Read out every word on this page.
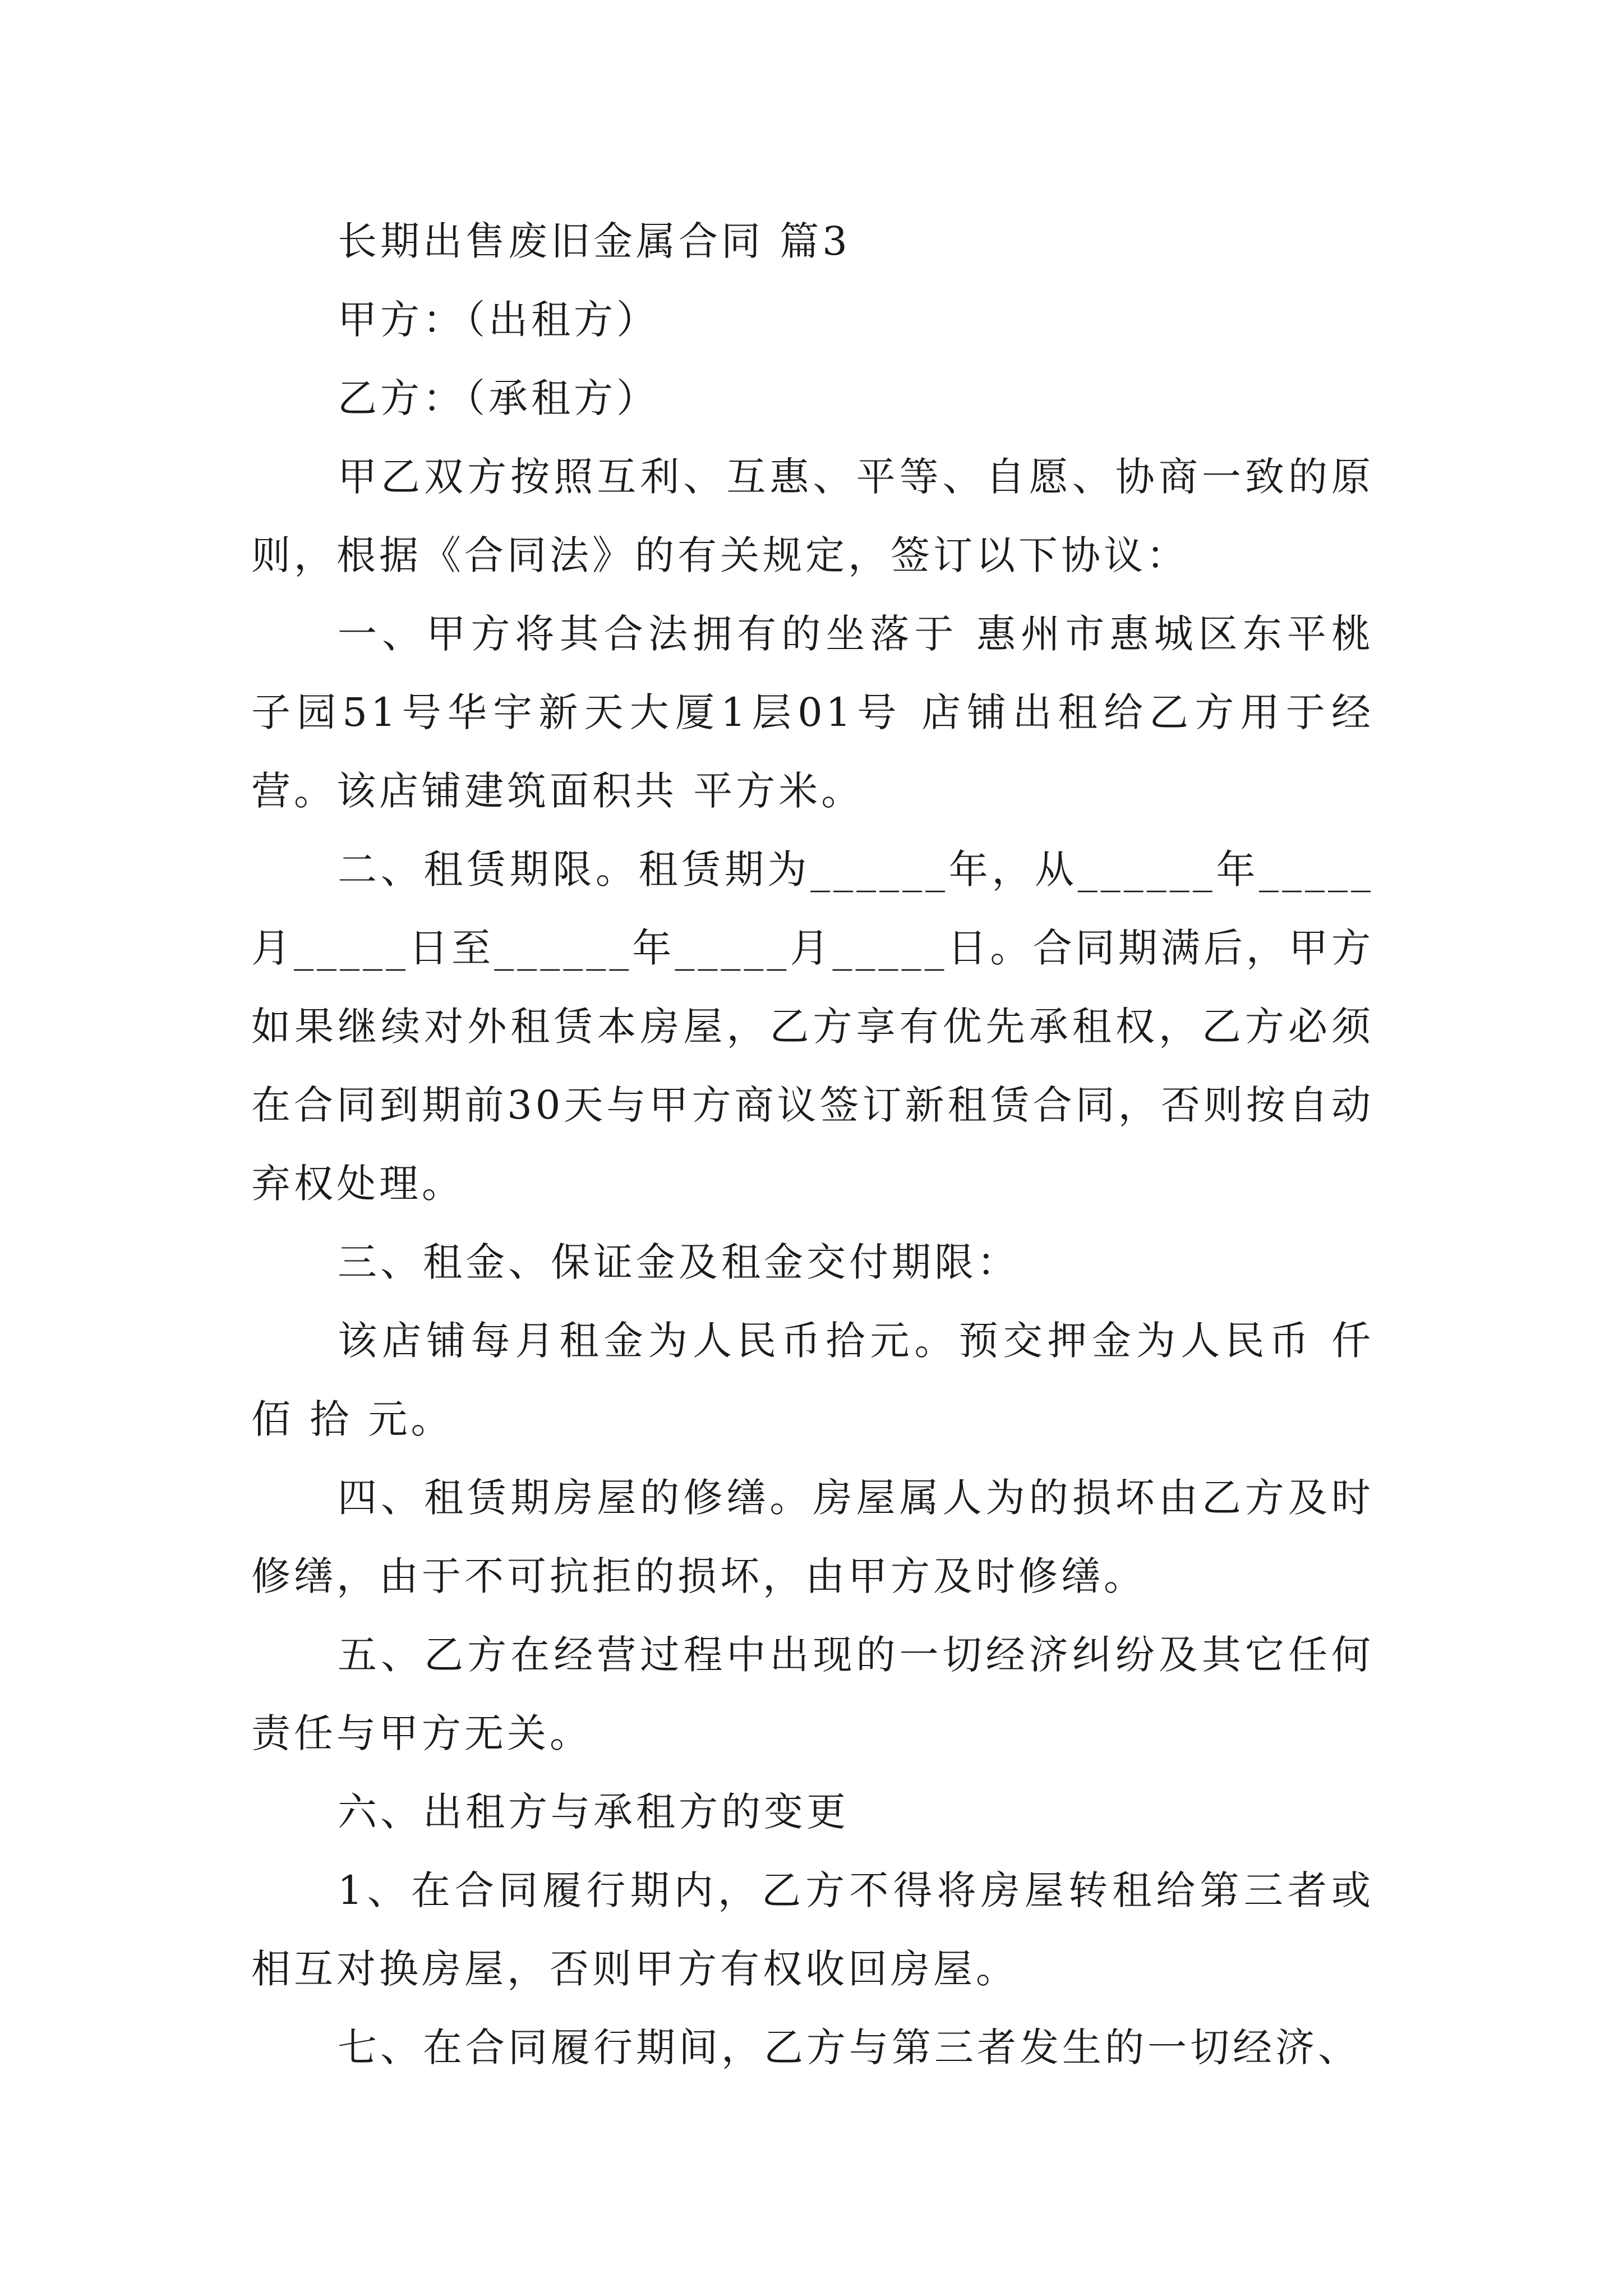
长期出售废旧金属合同 篇3

甲方：（出租方）

乙方：（承租方）

甲乙双方按照互利、互惠、平等、自愿、协商一致的原则，根据《合同法》的有关规定，签订以下协议：

一、甲方将其合法拥有的坐落于 惠州市惠城区东平桃子园51号华宇新天大厦1层01号 店铺出租给乙方用于经营。该店铺建筑面积共 平方米。

二、租赁期限。租赁期为______年，从______年_____月_____日至______年_____月_____日。合同期满后，甲方如果继续对外租赁本房屋，乙方享有优先承租权，乙方必须在合同到期前30天与甲方商议签订新租赁合同，否则按自动弃权处理。

三、租金、保证金及租金交付期限：

该店铺每月租金为人民币拾元。预交押金为人民币 仟 佰 拾 元。

四、租赁期房屋的修缮。房屋属人为的损坏由乙方及时修缮，由于不可抗拒的损坏，由甲方及时修缮。

五、乙方在经营过程中出现的一切经济纠纷及其它任何责任与甲方无关。

六、出租方与承租方的变更

1、在合同履行期内，乙方不得将房屋转租给第三者或相互对换房屋，否则甲方有权收回房屋。

七、在合同履行期间，乙方与第三者发生的一切经济、
